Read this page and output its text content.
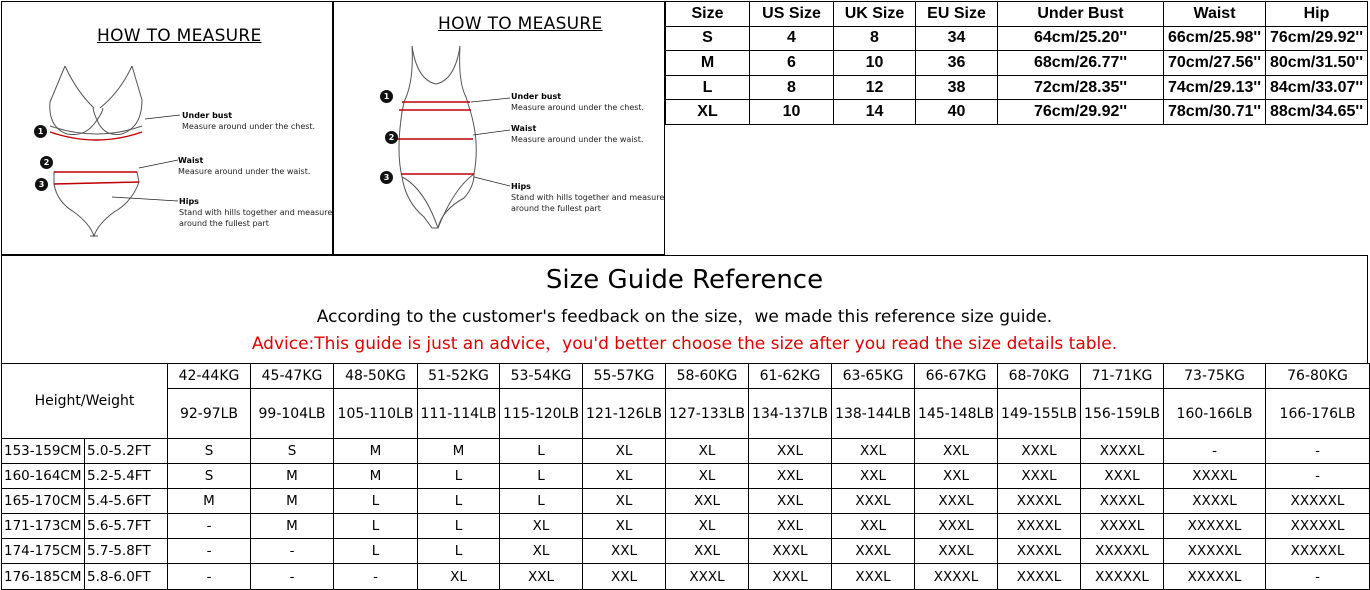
HOW TO MEASURE
1
2
3
Under bust
Measure around under the chest.
Waist
Measure around under the waist.
Hips
Stand with hills together and measure
around the fullest part
HOW TO MEASURE
1
2
3
Under bust
Measure around under the chest.
Waist
Measure around under the waist.
Hips
Stand with hills together and measure
around the fullest part
Size	US Size	UK Size	EU Size	Under Bust	Waist	Hip
S	4	8	34	64cm/25.20''	66cm/25.98''	76cm/29.92''
M	6	10	36	68cm/26.77''	70cm/27.56''	80cm/31.50''
L	8	12	38	72cm/28.35''	74cm/29.13''	84cm/33.07''
XL	10	14	40	76cm/29.92''	78cm/30.71''	88cm/34.65''
Size Guide Reference
According to the customer's feedback on the size，we made this reference size guide.
Advice:This guide is just an advice，you'd better choose the size after you read the size details table.
Height/Weight		42-44KG	45-47KG	48-50KG	51-52KG	53-54KG	55-57KG	58-60KG	61-62KG	63-65KG	66-67KG	68-70KG	71-71KG	73-75KG	76-80KG
		92-97LB	99-104LB	105-110LB	111-114LB	115-120LB	121-126LB	127-133LB	134-137LB	138-144LB	145-148LB	149-155LB	156-159LB	160-166LB	166-176LB
153-159CM	5.0-5.2FT	S	S	M	M	L	XL	XL	XXL	XXL	XXL	XXXL	XXXXL	-	-
160-164CM	5.2-5.4FT	S	M	M	L	L	XL	XL	XXL	XXL	XXL	XXXL	XXXL	XXXXL	-
165-170CM	5.4-5.6FT	M	M	L	L	L	XL	XXL	XXL	XXXL	XXXL	XXXXL	XXXXL	XXXXL	XXXXXL
171-173CM	5.6-5.7FT	-	M	L	L	XL	XL	XL	XXL	XXL	XXXL	XXXXL	XXXXL	XXXXXL	XXXXXL
174-175CM	5.7-5.8FT	-	-	L	L	XL	XXL	XXL	XXXL	XXXL	XXXL	XXXXL	XXXXXL	XXXXXL	XXXXXL
176-185CM	5.8-6.0FT	-	-	-	XL	XXL	XXL	XXXL	XXXL	XXXL	XXXXL	XXXXL	XXXXXL	XXXXXL	-
